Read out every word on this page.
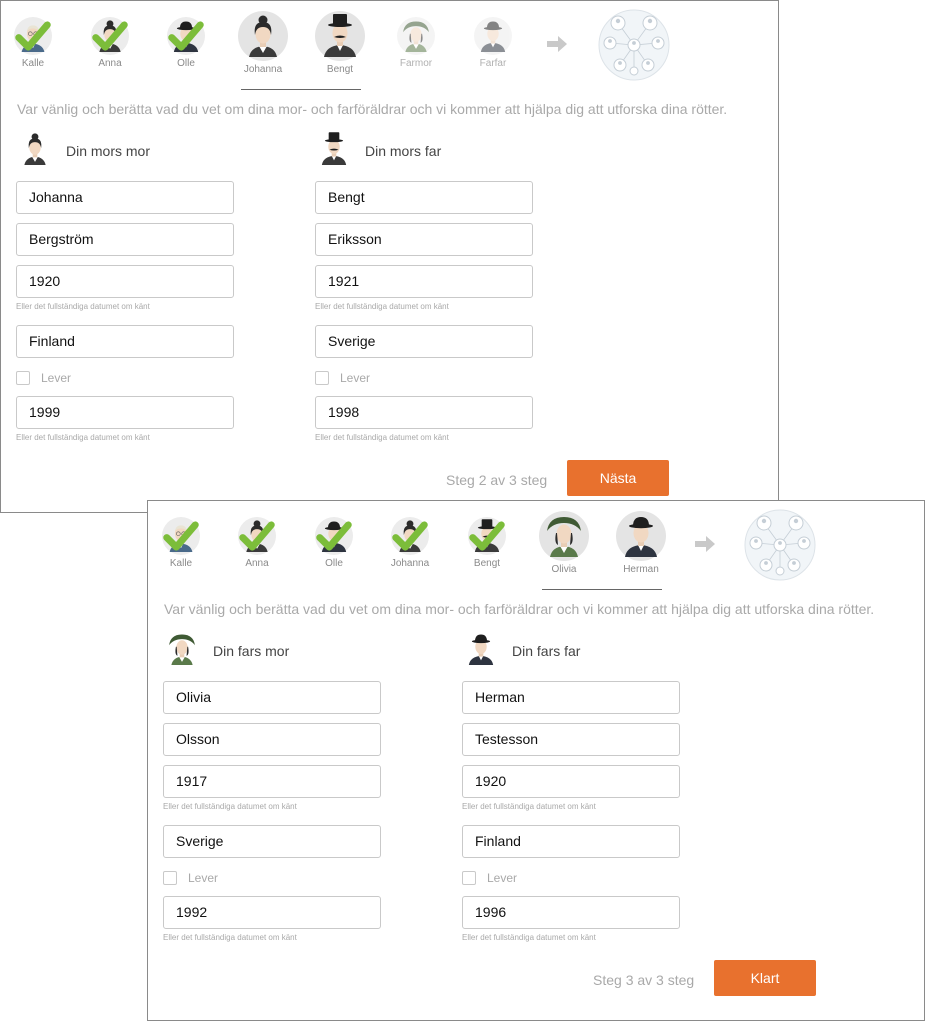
Kalle	Anna	Olle
Johanna	Bengt
Farmor	Farfar
Var vänlig och berätta vad du vet om dina mor- och farföräldrar och vi kommer att hjälpa dig att utforska dina rötter.
Din mors mor
Johanna
Bergström
1920
Eller det fullständiga datumet om känt
Finland
Lever
1999
Eller det fullständiga datumet om känt
Din mors far
Bengt
Eriksson
1921
Eller det fullständiga datumet om känt
Sverige
Lever
1998
Eller det fullständiga datumet om känt
Steg 2 av 3 steg	Nästa
Kalle	Anna	Olle	Johanna	Bengt
Olivia	Herman
Var vänlig och berätta vad du vet om dina mor- och farföräldrar och vi kommer att hjälpa dig att utforska dina rötter.
Din fars mor
Olivia
Olsson
1917
Eller det fullständiga datumet om känt
Sverige
Lever
1992
Eller det fullständiga datumet om känt
Din fars far
Herman
Testesson
1920
Eller det fullständiga datumet om känt
Finland
Lever
1996
Eller det fullständiga datumet om känt
Steg 3 av 3 steg	Klart
